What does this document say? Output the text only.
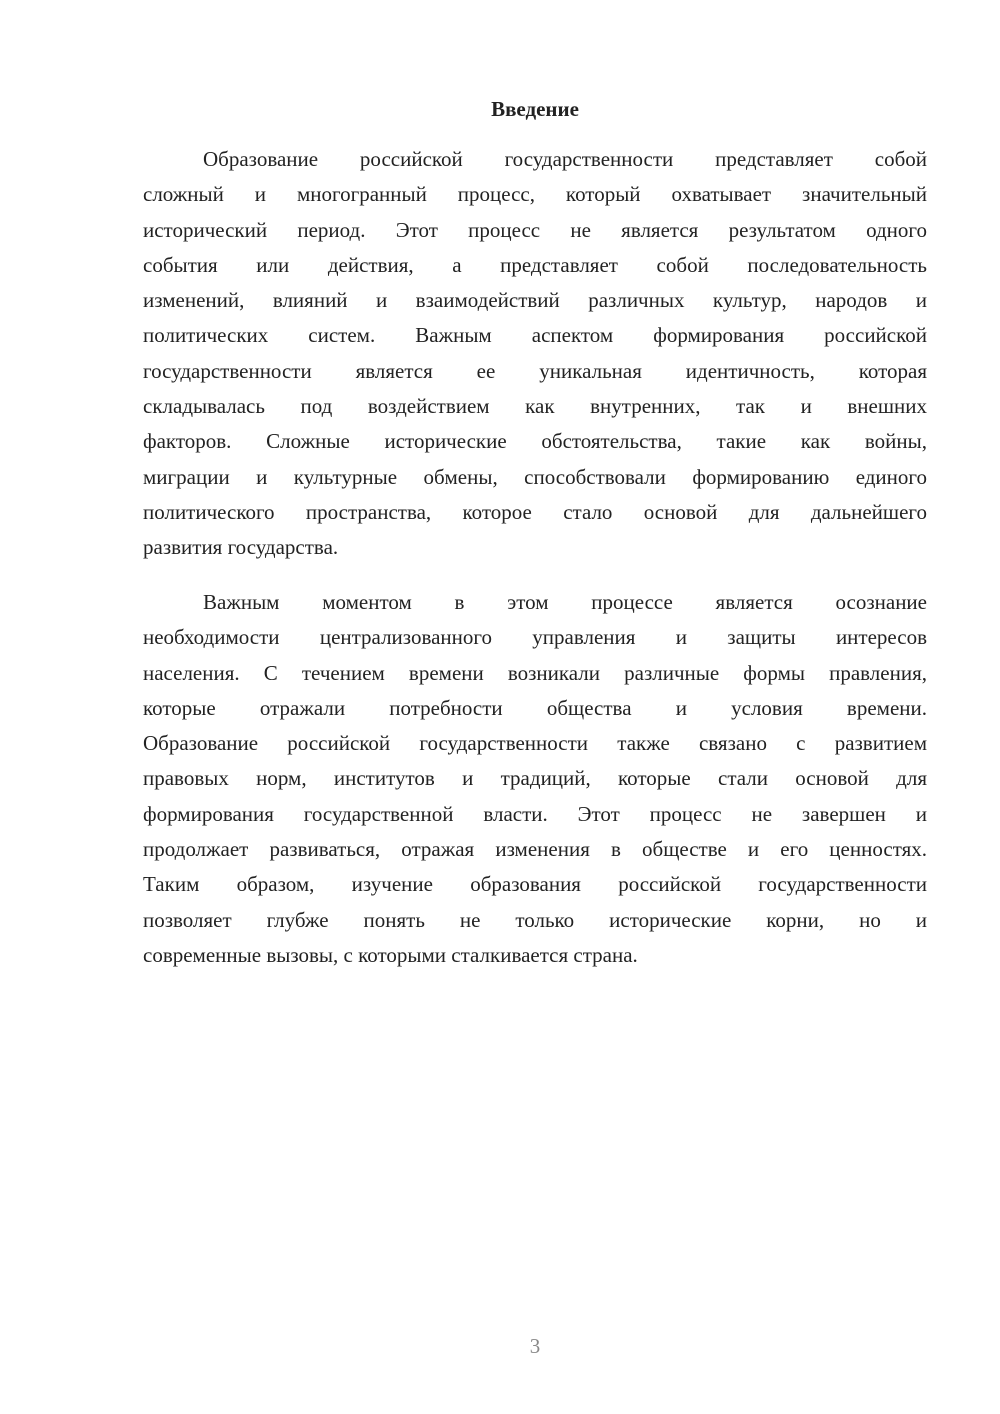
Введение
Образование российской государственности представляет собой
сложный и многогранный процесс, который охватывает значительный
исторический период. Этот процесс не является результатом одного
события или действия, а представляет собой последовательность
изменений, влияний и взаимодействий различных культур, народов и
политических систем. Важным аспектом формирования российской
государственности является ее уникальная идентичность, которая
складывалась под воздействием как внутренних, так и внешних
факторов. Сложные исторические обстоятельства, такие как войны,
миграции и культурные обмены, способствовали формированию единого
политического пространства, которое стало основой для дальнейшего
развития государства.
Важным моментом в этом процессе является осознание
необходимости централизованного управления и защиты интересов
населения. С течением времени возникали различные формы правления,
которые отражали потребности общества и условия времени.
Образование российской государственности также связано с развитием
правовых норм, институтов и традиций, которые стали основой для
формирования государственной власти. Этот процесс не завершен и
продолжает развиваться, отражая изменения в обществе и его ценностях.
Таким образом, изучение образования российской государственности
позволяет глубже понять не только исторические корни, но и
современные вызовы, с которыми сталкивается страна.
3
